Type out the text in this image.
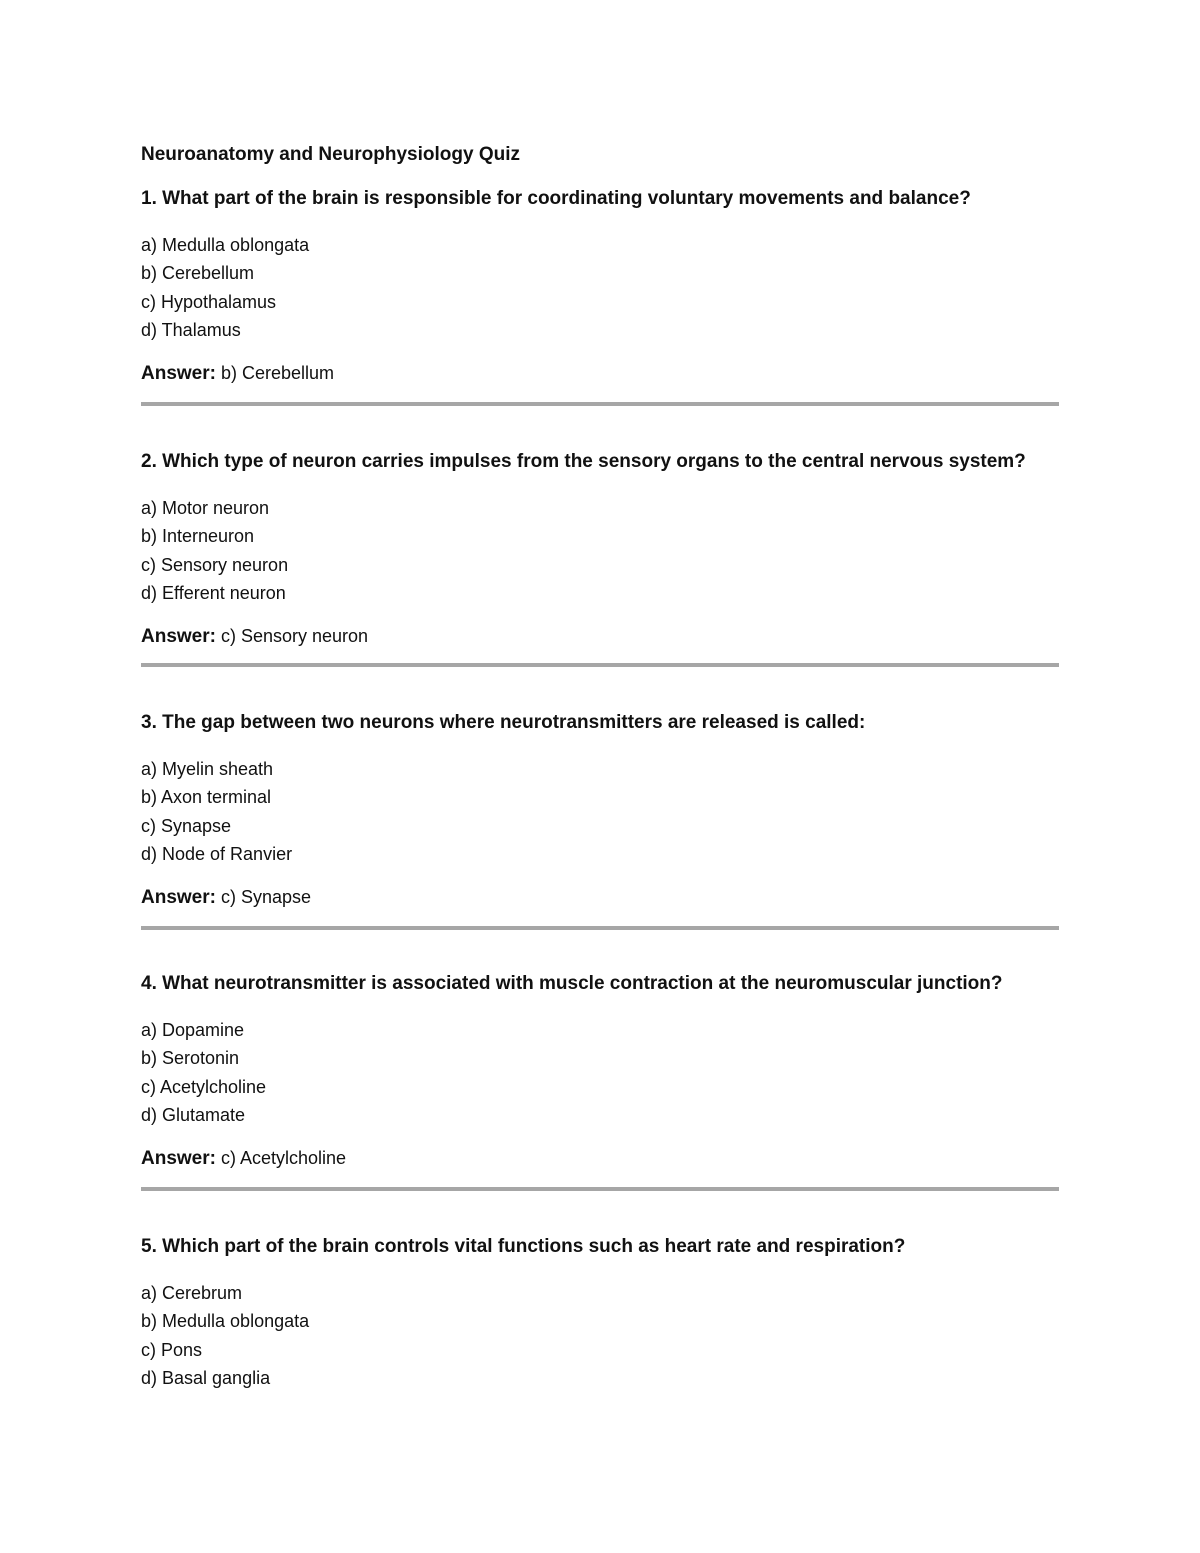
Neuroanatomy and Neurophysiology Quiz
1. What part of the brain is responsible for coordinating voluntary movements and balance?
a) Medulla oblongata
b) Cerebellum
c) Hypothalamus
d) Thalamus
Answer: b) Cerebellum
2. Which type of neuron carries impulses from the sensory organs to the central nervous system?
a) Motor neuron
b) Interneuron
c) Sensory neuron
d) Efferent neuron
Answer: c) Sensory neuron
3. The gap between two neurons where neurotransmitters are released is called:
a) Myelin sheath
b) Axon terminal
c) Synapse
d) Node of Ranvier
Answer: c) Synapse
4. What neurotransmitter is associated with muscle contraction at the neuromuscular junction?
a) Dopamine
b) Serotonin
c) Acetylcholine
d) Glutamate
Answer: c) Acetylcholine
5. Which part of the brain controls vital functions such as heart rate and respiration?
a) Cerebrum
b) Medulla oblongata
c) Pons
d) Basal ganglia
